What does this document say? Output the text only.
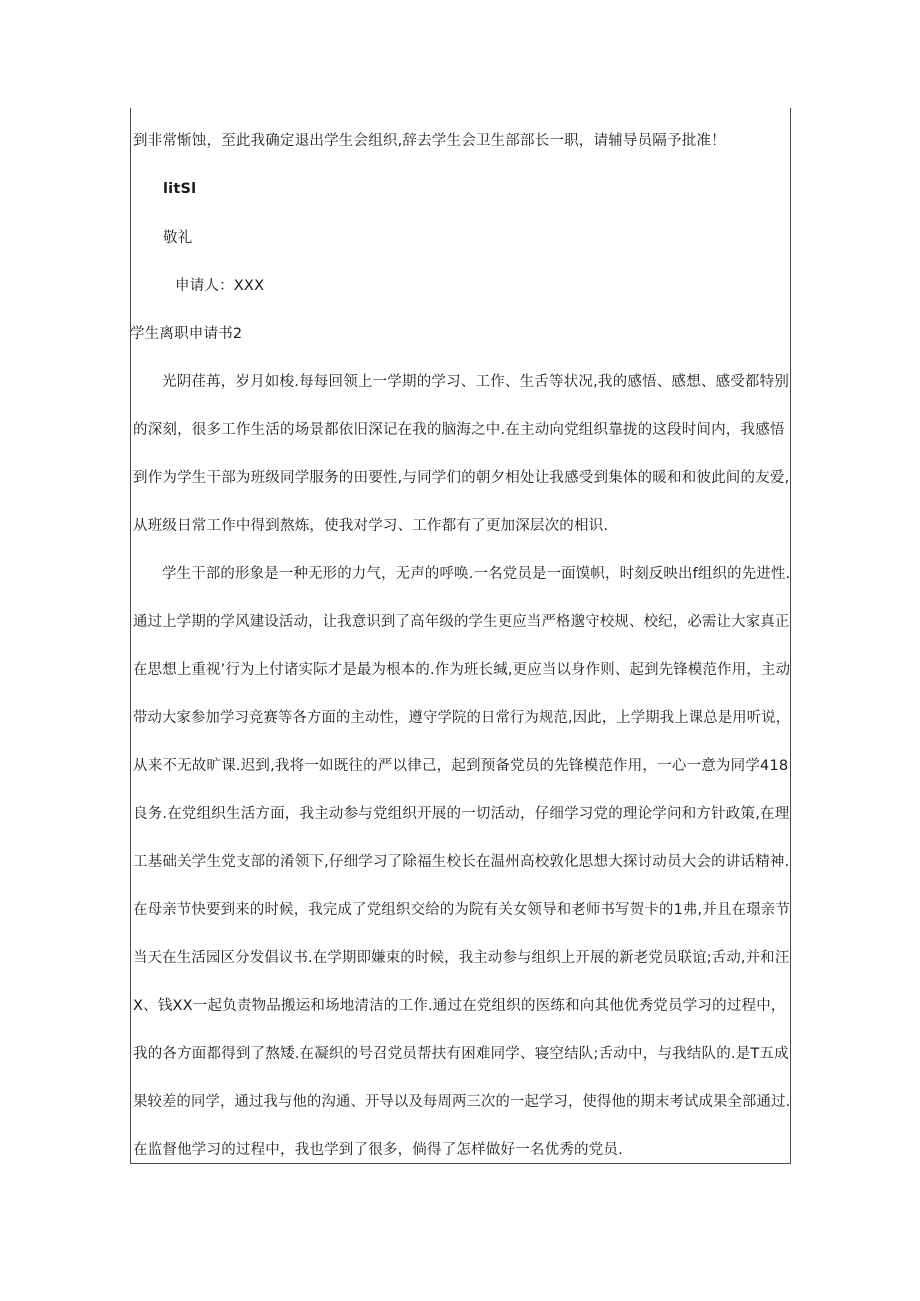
到非常惭蚀，至此我确定退出学生会组织,辞去学生会卫生部部长一职，请辅导员隔予批准！
litSl
敬礼
申请人：XXX
学生离职申请书2
光阴荏苒，岁月如梭.每每回领上一学期的学习、工作、生舌等状况,我的感悟、感想、感受都特别
的深刻，很多工作生活的场景都依旧深记在我的脑海之中.在主动向党组织靠拢的这段时间内，我感悟
到作为学生干部为班级同学服务的田要性,与同学们的朝夕相处让我感受到集体的暖和和彼此间的友爱,
从班级日常工作中得到熬炼，使我对学习、工作都有了更加深层次的相识.
学生干部的形象是一种无形的力气，无声的呼唤.一名党员是一面馍帜，时刻反映出f组织的先进性.
通过上学期的学风建设活动，让我意识到了高年级的学生更应当严格邈守校规、校纪，必需让大家真正
在思想上重视’行为上付诸实际才是最为根本的.作为班长缄,更应当以身作则、起到先锋模范作用，主动
带动大家参加学习竞赛等各方面的主动性，遵守学院的日常行为规范,因此，上学期我上课总是用听说，
从来不无故旷课.迟到,我将一如既往的严以律己，起到预备党员的先锋模范作用，一心一意为同学418
良务.在党组织生活方面，我主动参与党组织开展的一切活动，仔细学习党的理论学问和方针政策,在理
工基础关学生党支部的淆领下,仔细学习了除福生校长在温州高校敦化思想大探讨动员大会的讲话精神.
在母亲节快要到来的时候，我完成了党组织交给的为院有关女领导和老师书写贺卡的1弗,并且在璟亲节
当天在生活园区分发倡议书.在学期即嫌束的时候，我主动参与组织上开展的新老党员联谊;舌动,并和汪
X、钱XX一起负责物品搬运和场地清洁的工作.通过在党组织的医练和向其他优秀党员学习的过程中，
我的各方面都得到了熬矮.在凝织的号召党员帮扶有困难同学、寝空结队;舌动中，与我结队的.是T五成
果较差的同学，通过我与他的沟通、开导以及每周两三次的一起学习，使得他的期末考试成果全部通过.
在监督他学习的过程中，我也学到了很多，倘得了怎样做好一名优秀的党员.
